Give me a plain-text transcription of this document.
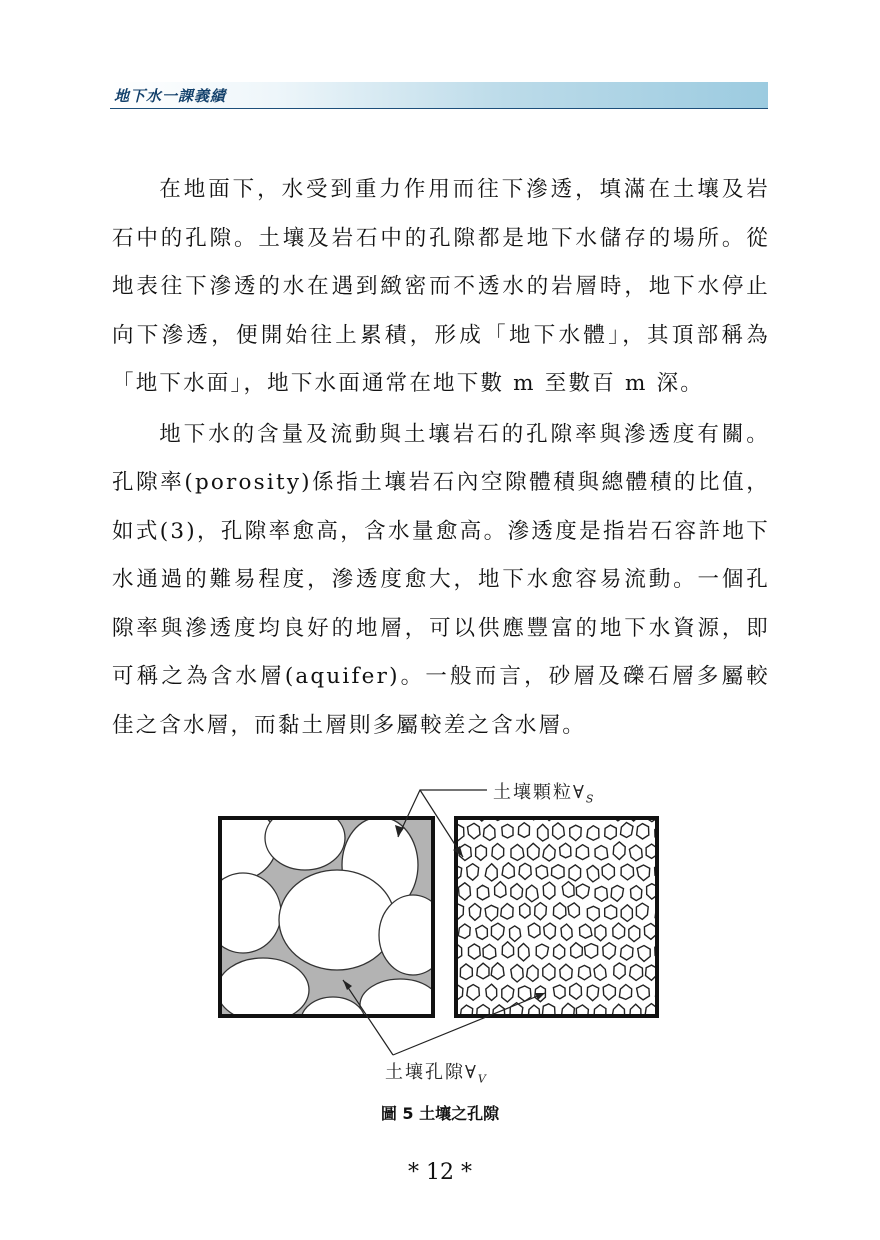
地下水一課義績

在地面下，水受到重力作用而往下滲透，填滿在土壤及岩石中的孔隙。土壤及岩石中的孔隙都是地下水儲存的場所。從地表往下滲透的水在遇到緻密而不透水的岩層時，地下水停止向下滲透，便開始往上累積，形成「地下水體」，其頂部稱為「地下水面」，地下水面通常在地下數 m 至數百 m 深。

地下水的含量及流動與土壤岩石的孔隙率與滲透度有關。孔隙率(porosity)係指土壤岩石內空隙體積與總體積的比值，如式(3)，孔隙率愈高，含水量愈高。滲透度是指岩石容許地下水通過的難易程度，滲透度愈大，地下水愈容易流動。一個孔隙率與滲透度均良好的地層，可以供應豐富的地下水資源，即可稱之為含水層(aquifer)。一般而言，砂層及礫石層多屬較佳之含水層，而黏土層則多屬較差之含水層。

土壤顆粒$\forall_S$
土壤孔隙$\forall_V$
圖 5 土壤之孔隙
* 12 *
